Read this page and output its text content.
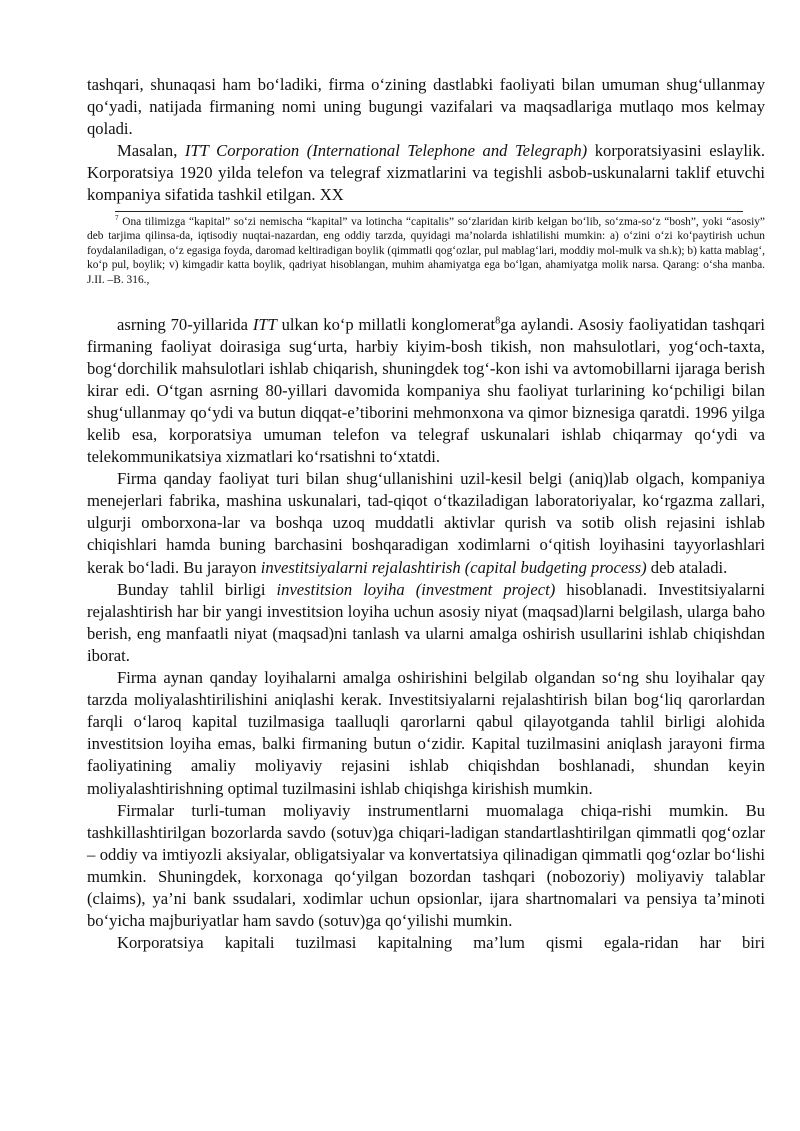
tashqari, shunaqasi ham bo‘ladiki, firma o‘zining dastlabki faoliyati bilan umuman shug‘ullanmay qo‘yadi, natijada firmaning nomi uning bugungi vazifalari va maqsadlariga mutlaqo mos kelmay qoladi.

Masalan, ITT Corporation (International Telephone and Telegraph) korporatsiyasini eslaylik. Korporatsiya 1920 yilda telefon va telegraf xizmatlarini va tegishli asbob-uskunalarni taklif etuvchi kompaniya sifatida tashkil etilgan. XX

$^7$ Ona tilimizga “kapital” so‘zi nemischa “kapital” va lotincha “capitalis” so‘zlaridan kirib kelgan bo‘lib, so‘zma-so‘z “bosh”, yoki “asosiy” deb tarjima qilinsa-da, iqtisodiy nuqtai-nazardan, eng oddiy tarzda, quyidagi ma’nolarda ishlatilishi mumkin: a) o‘zini o‘zi ko‘paytirish uchun foydalaniladigan, o‘z egasiga foyda, daromad keltiradigan boylik (qimmatli qog‘ozlar, pul mablag‘lari, moddiy mol-mulk va sh.k); b) katta mablag‘, ko‘p pul, boylik; v) kimgadir katta boylik, qadriyat hisoblangan, muhim ahamiyatga ega bo‘lgan, ahamiyatga molik narsa. Qarang: o‘sha manba. J.II. –B. 316.,

asrning 70-yillarida ITT ulkan ko‘p millatli konglomerat$^8$ga aylandi. Asosiy faoliyatidan tashqari firmaning faoliyat doirasiga sug‘urta, harbiy kiyim-bosh tikish, non mahsulotlari, yog‘och-taxta, bog‘dorchilik mahsulotlari ishlab chiqarish, shuningdek tog‘-kon ishi va avtomobillarni ijaraga berish kirar edi. O‘tgan asrning 80-yillari davomida kompaniya shu faoliyat turlarining ko‘pchiligi bilan shug‘ullanmay qo‘ydi va butun diqqat-e’tiborini mehmonxona va qimor biznesiga qaratdi. 1996 yilga kelib esa, korporatsiya umuman telefon va telegraf uskunalari ishlab chiqarmay qo‘ydi va telekommunikatsiya xizmatlari ko‘rsatishni to‘xtatdi.

Firma qanday faoliyat turi bilan shug‘ullanishini uzil-kesil belgi (aniq)lab olgach, kompaniya menejerlari fabrika, mashina uskunalari, tad-qiqot o‘tkaziladigan laboratoriyalar, ko‘rgazma zallari, ulgurji omborxona-lar va boshqa uzoq muddatli aktivlar qurish va sotib olish rejasini ishlab chiqishlari hamda buning barchasini boshqaradigan xodimlarni o‘qitish loyihasini tayyorlashlari kerak bo‘ladi. Bu jarayon investitsiyalarni rejalashtirish (capital budgeting process) deb ataladi.

Bunday tahlil birligi investitsion loyiha (investment project) hisoblanadi. Investitsiyalarni rejalashtirish har bir yangi investitsion loyiha uchun asosiy niyat (maqsad)larni belgilash, ularga baho berish, eng manfaatli niyat (maqsad)ni tanlash va ularni amalga oshirish usullarini ishlab chiqishdan iborat.

Firma aynan qanday loyihalarni amalga oshirishini belgilab olgandan so‘ng shu loyihalar qay tarzda moliyalashtirilishini aniqlashi kerak. Investitsiyalarni rejalashtirish bilan bog‘liq qarorlardan farqli o‘laroq kapital tuzilmasiga taalluqli qarorlarni qabul qilayotganda tahlil birligi alohida investitsion loyiha emas, balki firmaning butun o‘zidir. Kapital tuzilmasini aniqlash jarayoni firma faoliyatining amaliy moliyaviy rejasini ishlab chiqishdan boshlanadi, shundan keyin moliyalashtirishning optimal tuzilmasini ishlab chiqishga kirishish mumkin.

Firmalar turli-tuman moliyaviy instrumentlarni muomalaga chiqa-rishi mumkin. Bu tashkillashtirilgan bozorlarda savdo (sotuv)ga chiqari-ladigan standartlashtirilgan qimmatli qog‘ozlar – oddiy va imtiyozli aksiyalar, obligatsiyalar va konvertatsiya qilinadigan qimmatli qog‘ozlar bo‘lishi mumkin. Shuningdek, korxonaga qo‘yilgan bozordan tashqari (nobozoriy) moliyaviy talablar (claims), ya’ni bank ssudalari, xodimlar uchun opsionlar, ijara shartnomalari va pensiya ta’minoti bo‘yicha majburiyatlar ham savdo (sotuv)ga qo‘yilishi mumkin.

Korporatsiya kapitali tuzilmasi kapitalning ma’lum qismi egala-ridan har biri
